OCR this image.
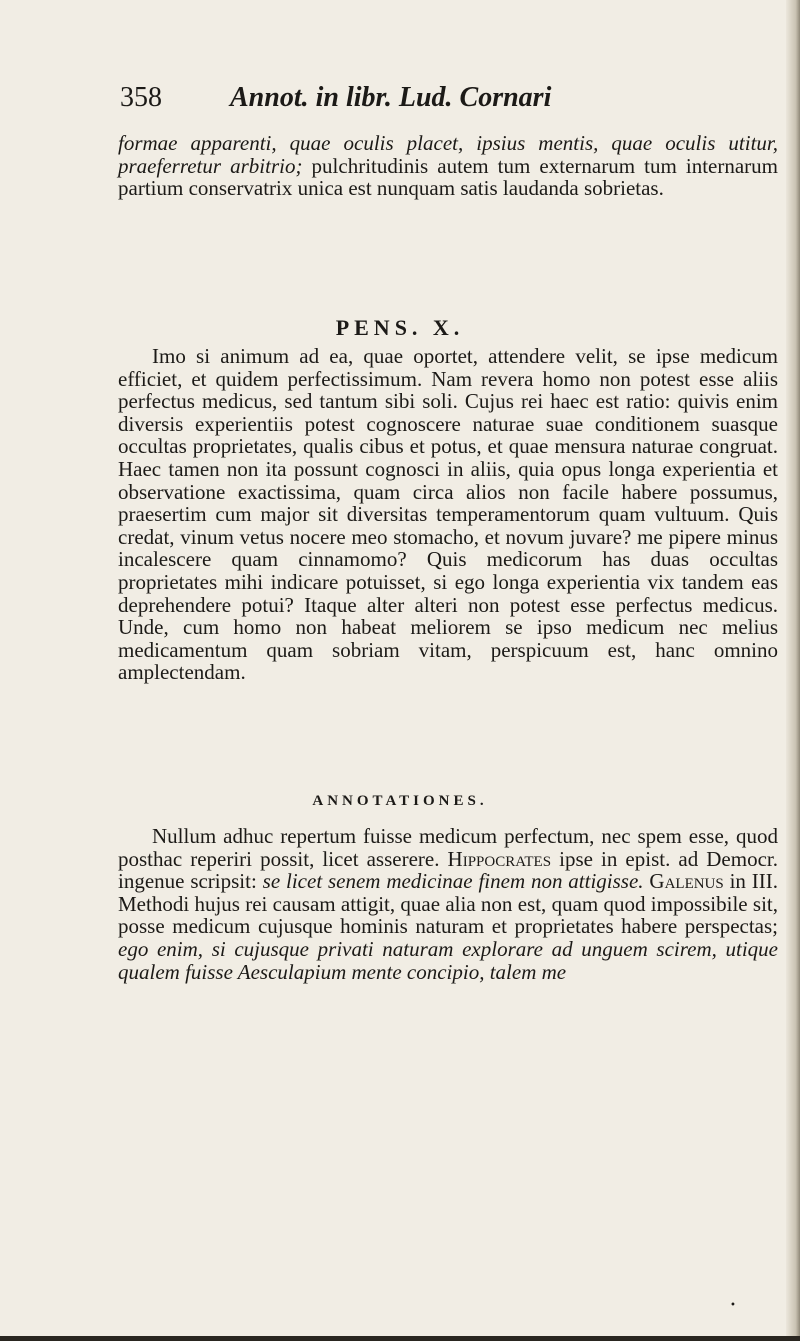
358 Annot. in libr. Lud. Cornari
formae apparenti, quae oculis placet, ipsius mentis, quae oculis utitur, praeferretur arbitrio; pulchritudinis autem tum externarum tum internarum partium conservatrix unica est nunquam satis laudanda sobrietas.
PENS. X.
Imo si animum ad ea, quae oportet, attendere velit, se ipse medicum efficiet, et quidem perfectissimum. Nam revera homo non potest esse aliis perfectus medicus, sed tantum sibi soli. Cujus rei haec est ratio: quivis enim diversis experientiis potest cognoscere naturae suae conditionem suasque occultas proprietates, qualis cibus et potus, et quae mensura naturae congruat. Haec tamen non ita possunt cognosci in aliis, quia opus longa experientia et observatione exactissima, quam circa alios non facile habere possumus, praesertim cum major sit diversitas temperamentorum quam vultuum. Quis credat, vinum vetus nocere meo stomacho, et novum juvare? me pipere minus incalescere quam cinnamomo? Quis medicorum has duas occultas proprietates mihi indicare potuisset, si ego longa experientia vix tandem eas deprehendere potui? Itaque alter alteri non potest esse perfectus medicus. Unde, cum homo non habeat meliorem se ipso medicum nec melius medicamentum quam sobriam vitam, perspicuum est, hanc omnino amplectendam.
ANNOTATIONES.
Nullum adhuc repertum fuisse medicum perfectum, nec spem esse, quod posthac reperiri possit, licet asserere. Hippocrates ipse in epist. ad Democr. ingenue scripsit: se licet senem medicinae finem non attigisse. Galenus in III. Methodi hujus rei causam attigit, quae alia non est, quam quod impossibile sit, posse medicum cujusque hominis naturam et proprietates habere perspectas; ego enim, si cujusque privati naturam explorare ad unguem scirem, utique qualem fuisse Aesculapium mente concipio, talem me
•
